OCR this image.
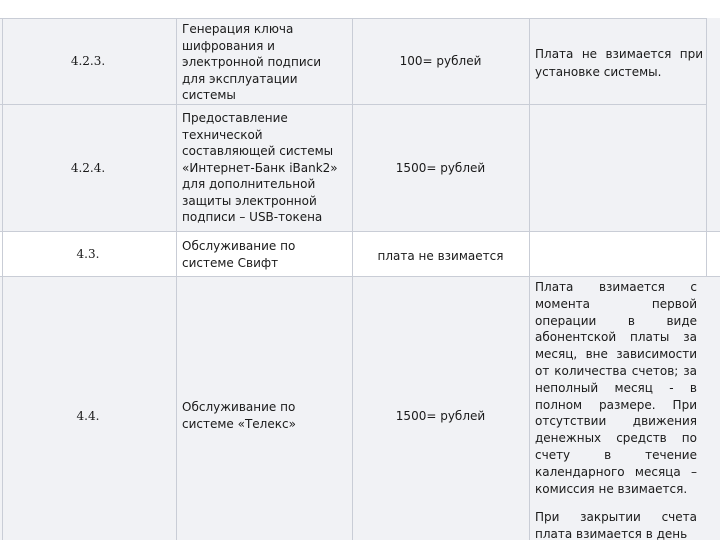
4.2.3.
Генерация ключа шифрования и электронной подписи для эксплуатации системы
100= рублей	Плата не взимается при установке системы.
4.2.4.
Предоставление технической составляющей системы «Интернет-Банк iBank2» для дополнительной защиты электронной подписи – USB-токена
1500= рублей
4.3.
Обслуживание по системе Свифт	плата не взимается
4.4.
Обслуживание по системе «Телекс»
1500= рублей

Плата взимается с момента первой операции в виде абонентской платы за месяц, вне зависимости от количества счетов; за неполный месяц - в полном размере. При отсутствии движения денежных средств по счету в течение календарного месяца – комиссия не взимается.

При закрытии счета плата взимается в день
